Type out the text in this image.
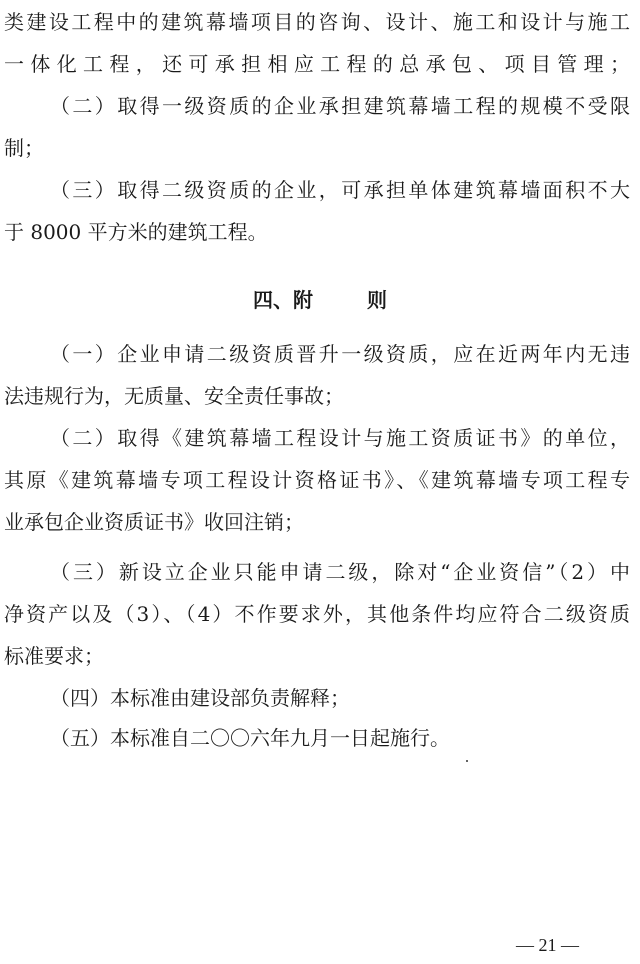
类建设工程中的建筑幕墙项目的咨询、设计、施工和设计与施工
一体化工程，还可承担相应工程的总承包、项目管理；
（二）取得一级资质的企业承担建筑幕墙工程的规模不受限
制；
（三）取得二级资质的企业，可承担单体建筑幕墙面积不大
于 8000 平方米的建筑工程。
四、附	则
（一）企业申请二级资质晋升一级资质，应在近两年内无违
法违规行为，无质量、安全责任事故；
（二）取得《建筑幕墙工程设计与施工资质证书》的单位，
其原《建筑幕墙专项工程设计资格证书》、《建筑幕墙专项工程专
业承包企业资质证书》收回注销；
（三）新设立企业只能申请二级，除对“企业资信”（2）中
净资产以及（3）、（4）不作要求外，其他条件均应符合二级资质
标准要求；
（四）本标准由建设部负责解释；
（五）本标准自二〇〇六年九月一日起施行。
— 21 —
